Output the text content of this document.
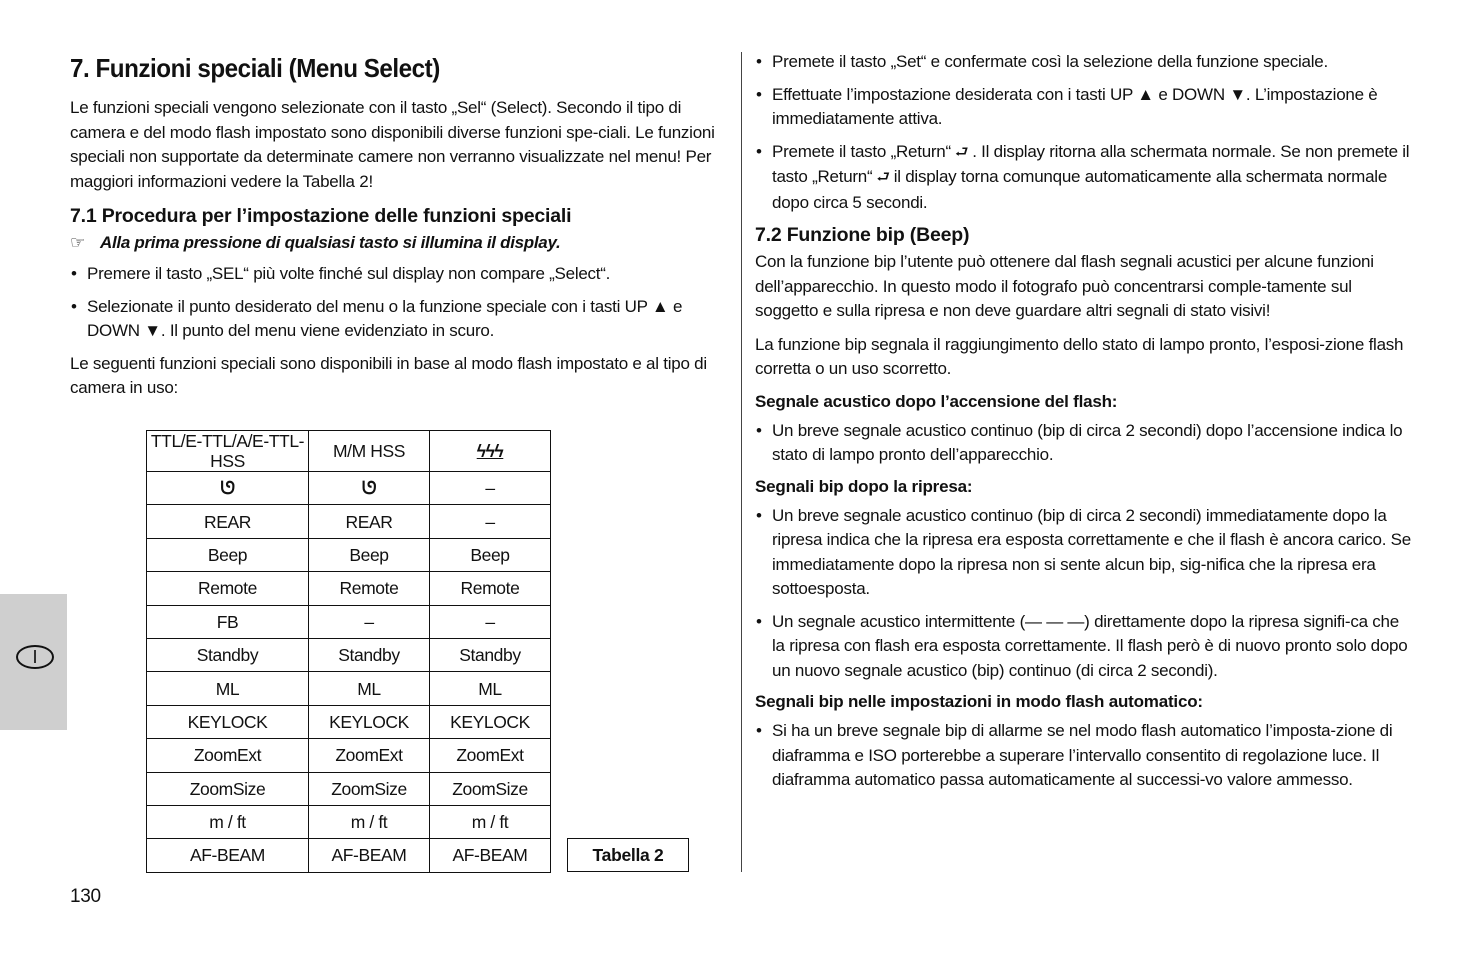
7. Funzioni speciali (Menu Select)

Le funzioni speciali vengono selezionate con il tasto „Sel“ (Select). Secondo il tipo di camera e del modo flash impostato sono disponibili diverse funzioni spe-ciali. Le funzioni speciali non supportate da determinate camere non verranno visualizzate nel menu! Per maggiori informazioni vedere la Tabella 2!

7.1 Procedura per l’impostazione delle funzioni speciali
☞ Alla prima pressione di qualsiasi tasto si illumina il display.
• Premere il tasto „SEL“ più volte finché sul display non compare „Select“.
• Selezionate il punto desiderato del menu o la funzione speciale con i tasti UP ▲ e DOWN ▼. Il punto del menu viene evidenziato in scuro.

Le seguenti funzioni speciali sono disponibili in base al modo flash impostato e al tipo di camera in uso:

TTL/E-TTL/A/E-TTL-HSS	M/M HSS	ϟϟϟ
ᘎ	ᘎ	–
REAR	REAR	–
Beep	Beep	Beep
Remote	Remote	Remote
FB	–	–
Standby	Standby	Standby
ML	ML	ML
KEYLOCK	KEYLOCK	KEYLOCK
ZoomExt	ZoomExt	ZoomExt
ZoomSize	ZoomSize	ZoomSize
m / ft	m / ft	m / ft
AF-BEAM	AF-BEAM	AF-BEAM	Tabella 2
• Premete il tasto „Set“ e confermate così la selezione della funzione speciale.
• Effettuate l’impostazione desiderata con i tasti UP ▲ e DOWN ▼. L’impostazione è immediatamente attiva.
• Premete il tasto „Return“ ⮐ . Il display ritorna alla schermata normale. Se non premete il tasto „Return“ ⮐ il display torna comunque automaticamente alla schermata normale dopo circa 5 secondi.
7.2 Funzione bip (Beep)

Con la funzione bip l’utente può ottenere dal flash segnali acustici per alcune funzioni dell’apparecchio. In questo modo il fotografo può concentrarsi comple-tamente sul soggetto e sulla ripresa e non deve guardare altri segnali di stato visivi!

La funzione bip segnala il raggiungimento dello stato di lampo pronto, l’esposi-zione flash corretta o un uso scorretto.

Segnale acustico dopo l’accensione del flash:
• Un breve segnale acustico continuo (bip di circa 2 secondi) dopo l’accensione indica lo stato di lampo pronto dell’apparecchio.
Segnali bip dopo la ripresa:
• Un breve segnale acustico continuo (bip di circa 2 secondi) immediatamente dopo la ripresa indica che la ripresa era esposta correttamente e che il flash è ancora carico. Se immediatamente dopo la ripresa non si sente alcun bip, sig-nifica che la ripresa era sottoesposta.
• Un segnale acustico intermittente (— — —) direttamente dopo la ripresa signifi-ca che la ripresa con flash era esposta correttamente. Il flash però è di nuovo pronto solo dopo un nuovo segnale acustico (bip) continuo (di circa 2 secondi).
Segnali bip nelle impostazioni in modo flash automatico:
• Si ha un breve segnale bip di allarme se nel modo flash automatico l’imposta-zione di diaframma e ISO porterebbe a superare l’intervallo consentito di regolazione luce. Il diaframma automatico passa automaticamente al successi-vo valore ammesso.
I
130
